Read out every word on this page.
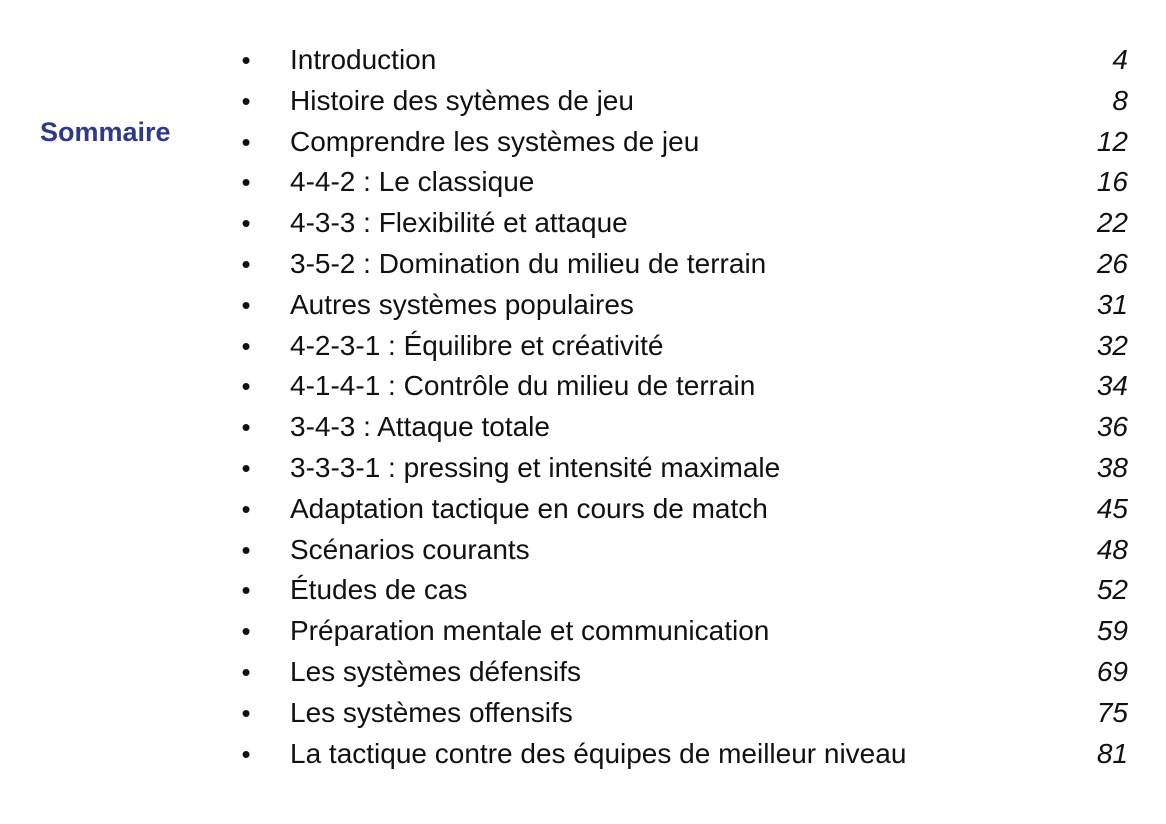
Sommaire
• Introduction	4
• Histoire des sytèmes de jeu	8
• Comprendre les systèmes de jeu	12
• 4-4-2 : Le classique	16
• 4-3-3 : Flexibilité et attaque	22
• 3-5-2 : Domination du milieu de terrain	26
• Autres systèmes populaires	31
• 4-2-3-1 : Équilibre et créativité	32
• 4-1-4-1 : Contrôle du milieu de terrain	34
• 3-4-3 : Attaque totale	36
• 3-3-3-1 : pressing et intensité maximale	38
• Adaptation tactique en cours de match	45
• Scénarios courants	48
• Études de cas	52
• Préparation mentale et communication	59
• Les systèmes défensifs	69
• Les systèmes offensifs	75
• La tactique contre des équipes de meilleur niveau	81
